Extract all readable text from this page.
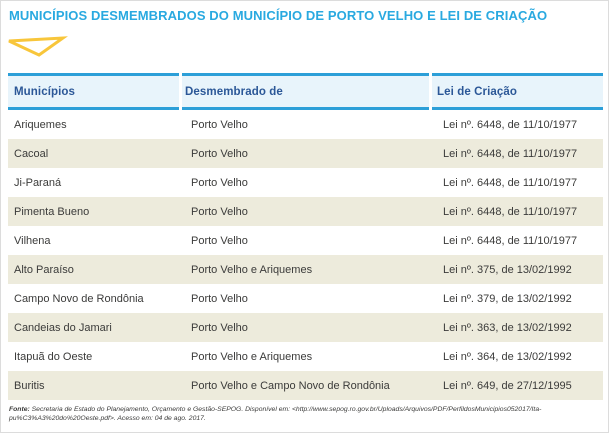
MUNICÍPIOS DESMEMBRADOS DO MUNICÍPIO DE PORTO VELHO E LEI DE CRIAÇÃO
Municípios	Desmembrado de	Lei de Criação
Ariquemes	Porto Velho	Lei nº. 6448, de 11/10/1977
Cacoal	Porto Velho	Lei nº. 6448, de 11/10/1977
Ji-Paraná	Porto Velho	Lei nº. 6448, de 11/10/1977
Pimenta Bueno	Porto Velho	Lei nº. 6448, de 11/10/1977
Vilhena	Porto Velho	Lei nº. 6448, de 11/10/1977
Alto Paraíso	Porto Velho e Ariquemes	Lei nº. 375, de 13/02/1992
Campo Novo de Rondônia	Porto Velho	Lei nº. 379, de 13/02/1992
Candeias do Jamari	Porto Velho	Lei nº. 363, de 13/02/1992
Itapuã do Oeste	Porto Velho e Ariquemes	Lei nº. 364, de 13/02/1992
Buritis	Porto Velho e Campo Novo de Rondônia	Lei nº. 649, de 27/12/1995
Fonte: Secretaria de Estado do Planejamento, Orçamento e Gestão-SEPOG. Disponível em: <http://www.sepog.ro.gov.br/Uploads/Arquivos/PDF/PerfildosMunicipios052017/Ita-
pu%C3%A3%20do%20Oeste.pdf>. Acesso em: 04 de ago. 2017.
